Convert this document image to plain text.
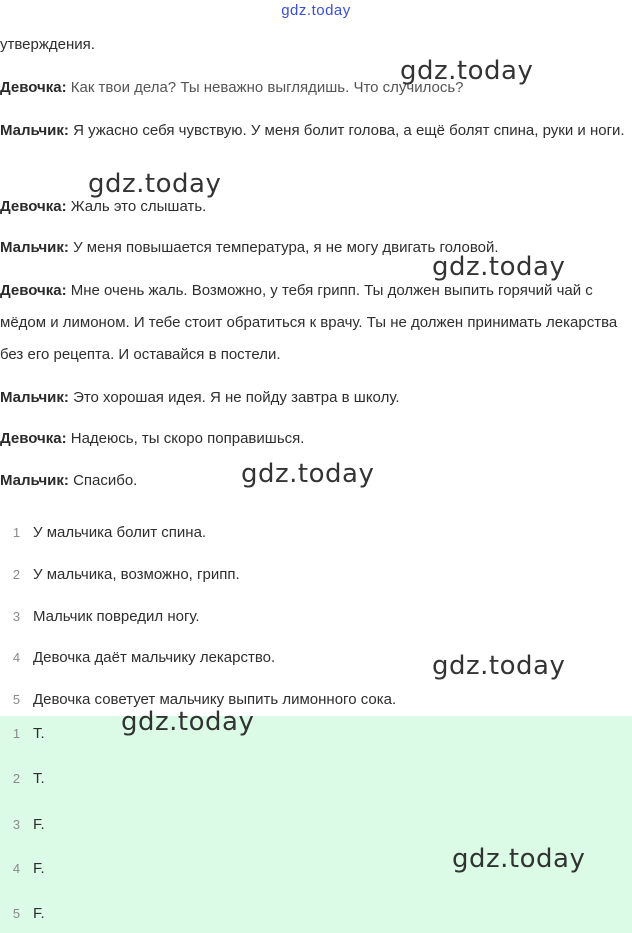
gdz.today

утверждения.

Девочка: Как твои дела? Ты неважно выглядишь. Что случилось?

Мальчик: Я ужасно себя чувствую. У меня болит голова, а ещё болят спина, руки и ноги.

Девочка: Жаль это слышать.

Мальчик: У меня повышается температура, я не могу двигать головой.

Девочка: Мне очень жаль. Возможно, у тебя грипп. Ты должен выпить горячий чай с мёдом и лимоном. И тебе стоит обратиться к врачу. Ты не должен принимать лекарства без его рецепта. И оставайся в постели.

Мальчик: Это хорошая идея. Я не пойду завтра в школу.

Девочка: Надеюсь, ты скоро поправишься.

Мальчик: Спасибо.

1 У мальчика болит спина.
2 У мальчика, возможно, грипп.
3 Мальчик повредил ногу.
4 Девочка даёт мальчику лекарство.
5 Девочка советует мальчику выпить лимонного сока.
1 T.
2 T.
3 F.
4 F.
5 F.
gdz.today
gdz.today
gdz.today
gdz.today
gdz.today
gdz.today
gdz.today
